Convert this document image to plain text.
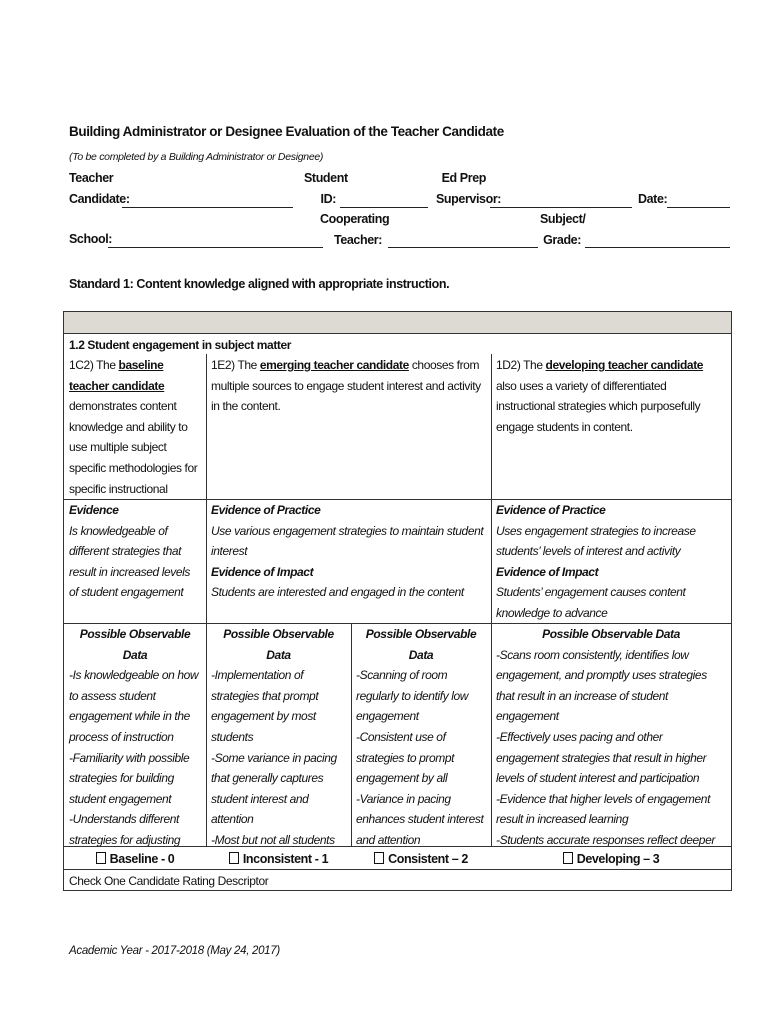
Building Administrator or Designee Evaluation of the Teacher Candidate
(To be completed by a Building Administrator or Designee)
Teacher
Candidate:
Student
ID:
Ed Prep
Supervisor:	Date:
School:
Cooperating
Teacher:
Subject/
Grade:
Standard 1: Content knowledge aligned with appropriate instruction.
1.2 Student engagement in subject matter
1C2) The baseline teacher candidate demonstrates content knowledge and ability to use multiple subject specific methodologies for specific instructional
1E2) The emerging teacher candidate chooses from multiple sources to engage student interest and activity in the content.
1D2) The developing teacher candidate also uses a variety of differentiated instructional strategies which purposefully engage students in content.
Evidence
Is knowledgeable of different strategies that result in increased levels of student engagement
Evidence of Practice
Use various engagement strategies to maintain student interest
Evidence of Impact
Students are interested and engaged in the content
Evidence of Practice
Uses engagement strategies to increase students’ levels of interest and activity
Evidence of Impact
Students’ engagement causes content knowledge to advance
Possible Observable Data
-Is knowledgeable on how to assess student engagement while in the process of instruction
-Familiarity with possible strategies for building student engagement
-Understands different strategies for adjusting
Possible Observable Data
-Implementation of strategies that prompt engagement by most students
-Some variance in pacing that generally captures student interest and attention
-Most but not all students
Possible Observable Data
-Scanning of room regularly to identify low engagement
-Consistent use of strategies to prompt engagement by all
-Variance in pacing enhances student interest and attention
Possible Observable Data
-Scans room consistently, identifies low engagement, and promptly uses strategies that result in an increase of student engagement
-Effectively uses pacing and other engagement strategies that result in higher levels of student interest and participation
-Evidence that higher levels of engagement result in increased learning
-Students accurate responses reflect deeper
Baseline - 0	Inconsistent - 1	Consistent – 2	Developing – 3
Check One Candidate Rating Descriptor
Academic Year - 2017-2018 (May 24, 2017)
